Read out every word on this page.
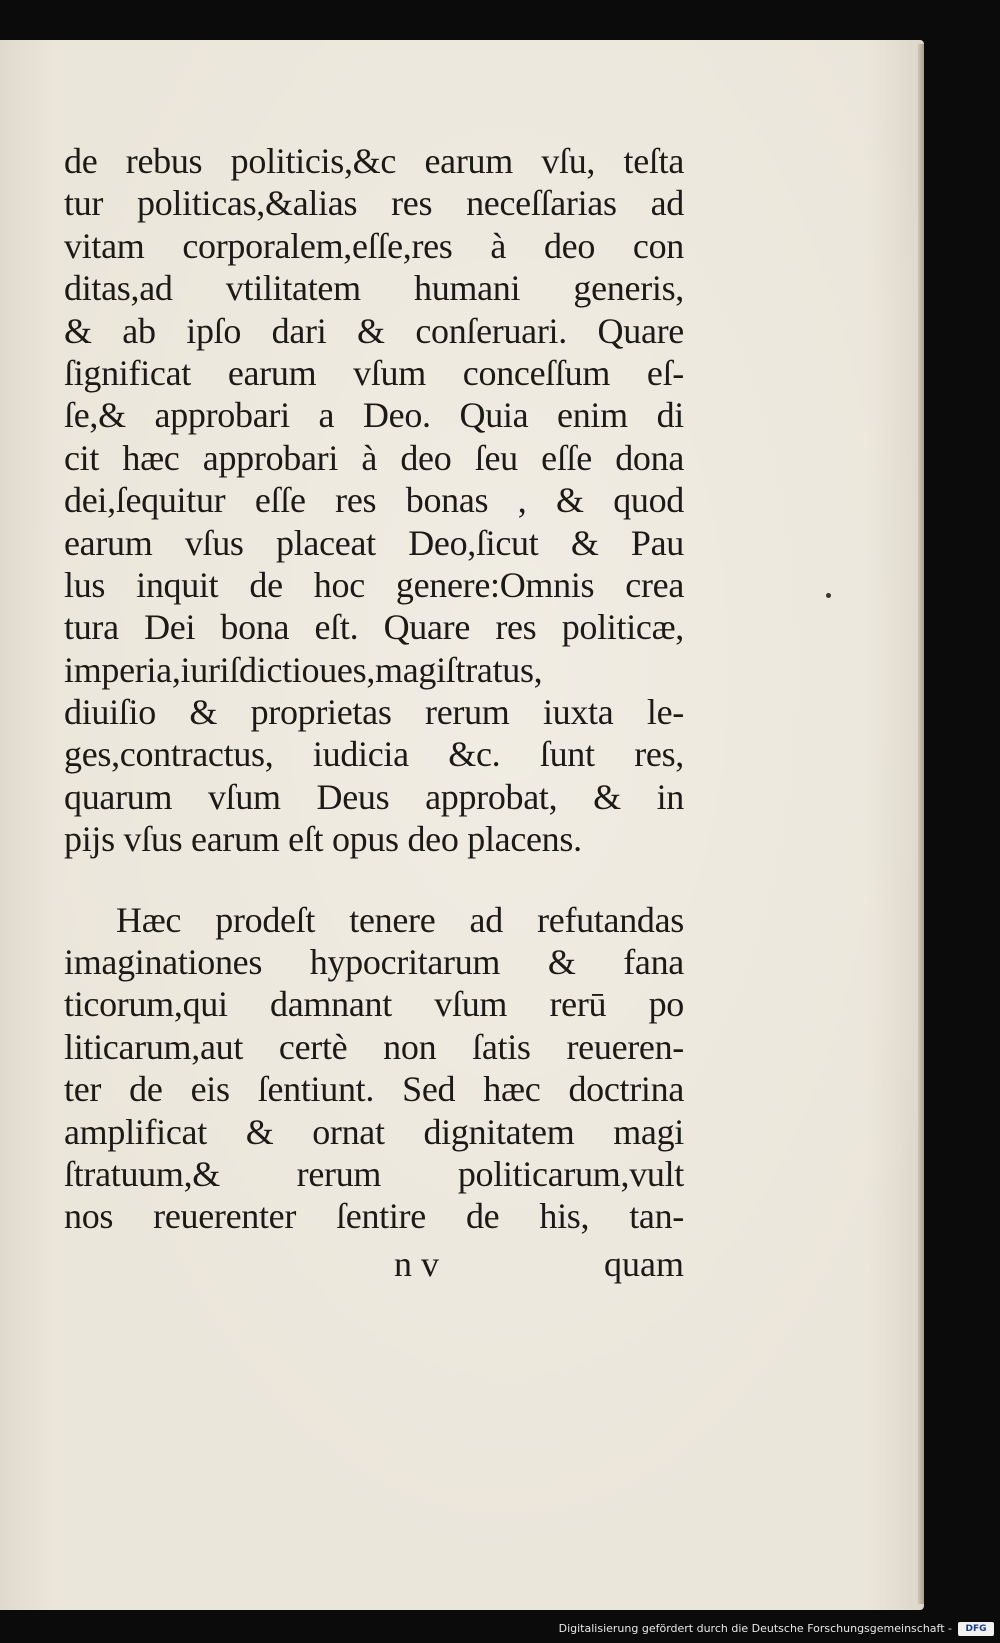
de rebus politicis,&c earum vſu, teſta
tur politicas,&alias res neceſſarias ad
vitam corporalem,eſſe,res à deo con
ditas,ad vtilitatem humani generis,
& ab ipſo dari & conſeruari. Quare
ſignificat earum vſum conceſſum eſ-
ſe,& approbari a Deo. Quia enim di
cit hæc approbari à deo ſeu eſſe dona
dei,ſequitur eſſe res bonas , & quod
earum vſus placeat Deo,ſicut & Pau
lus inquit de hoc genere:Omnis crea
tura Dei bona eſt. Quare res politicæ,
imperia,iuriſdictioues,magiſtratus,
diuiſio & proprietas rerum iuxta le-
ges,contractus, iudicia &c. ſunt res,
quarum vſum Deus approbat, & in
pijs vſus earum eſt opus deo placens.
Hæc prodeſt tenere ad refutandas
imaginationes hypocritarum & fana
ticorum,qui damnant vſum rerū po
liticarum,aut certè non ſatis reueren-
ter de eis ſentiunt. Sed hæc doctrina
amplificat & ornat dignitatem magi
ſtratuum,& rerum politicarum,vult
nos reuerenter ſentire de his, tan-
n v	quam
Digitalisierung gefördert durch die Deutsche Forschungsgemeinschaft -	DFG
